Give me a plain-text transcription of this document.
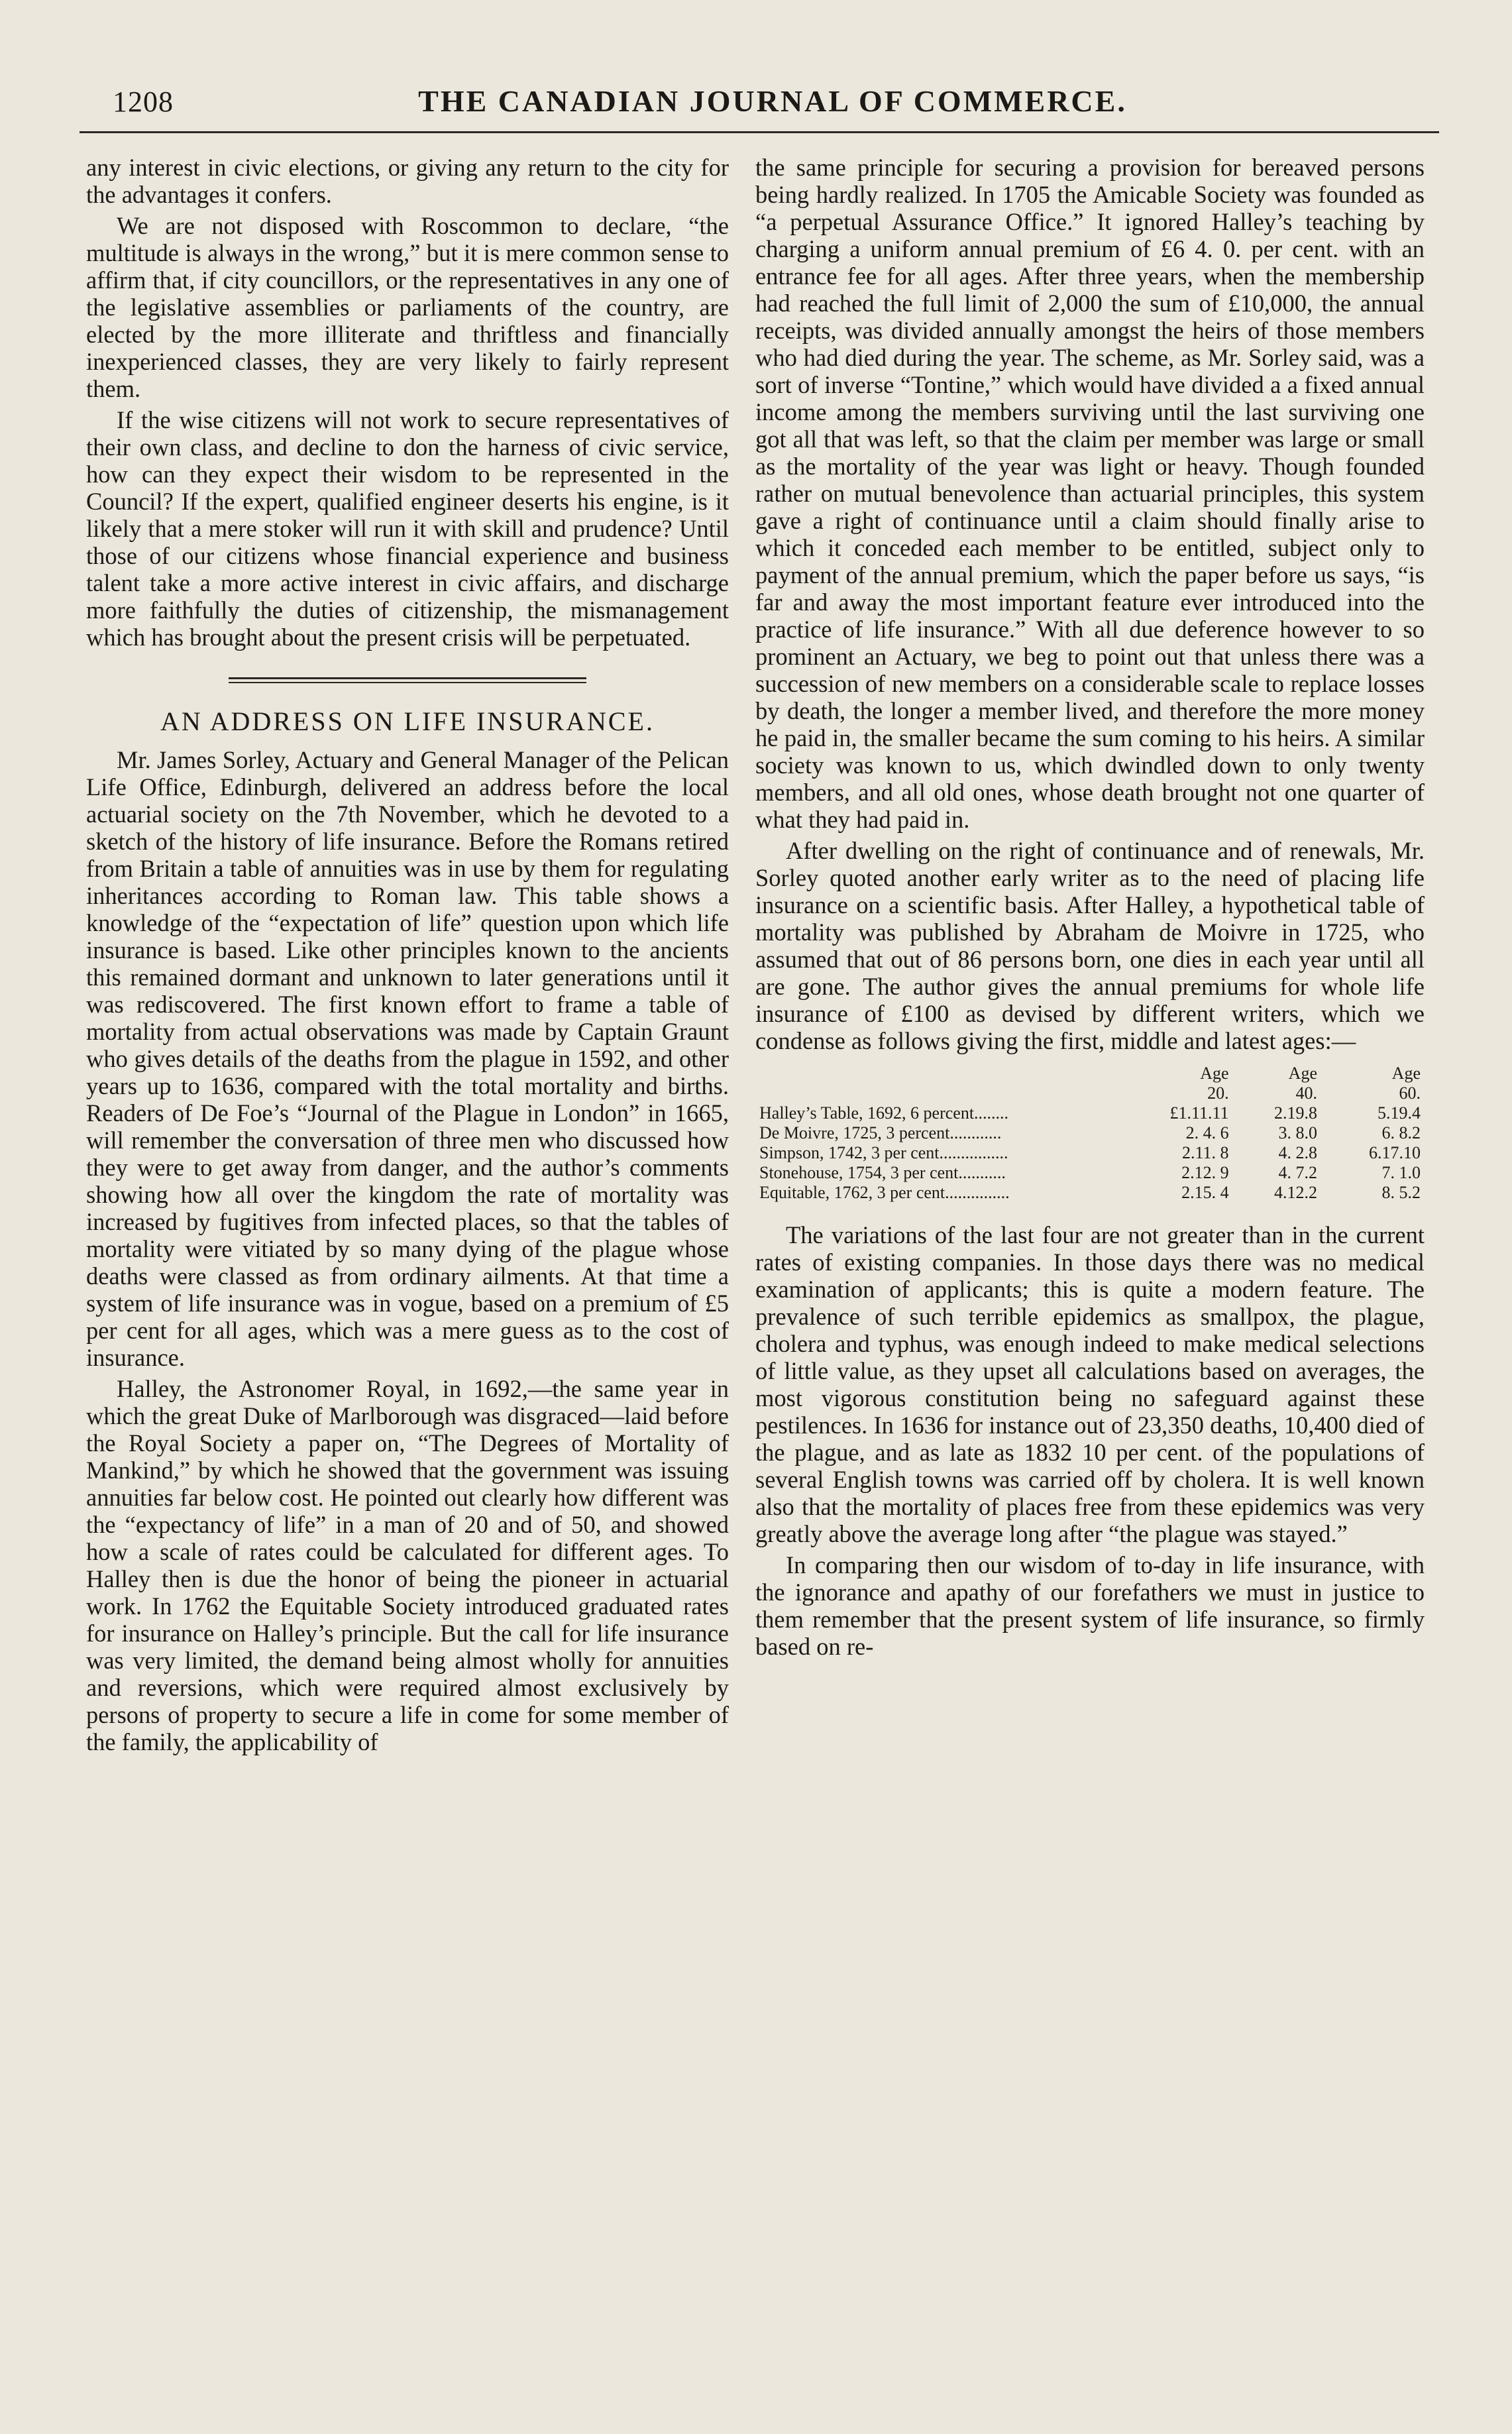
1208	THE CANADIAN JOURNAL OF COMMERCE.

any interest in civic elections, or giving any return to the city for the advantages it confers.

We are not disposed with Roscommon to declare, “the multitude is always in the wrong,” but it is mere common sense to affirm that, if city councillors, or the representatives in any one of the legislative assemblies or parliaments of the country, are elected by the more illiterate and thriftless and financially inexperienced classes, they are very likely to fairly represent them.

If the wise citizens will not work to secure representatives of their own class, and decline to don the harness of civic service, how can they expect their wisdom to be represented in the Council? If the expert, qualified engineer deserts his engine, is it likely that a mere stoker will run it with skill and prudence? Until those of our citizens whose financial experience and business talent take a more active interest in civic affairs, and discharge more faithfully the duties of citizenship, the mismanagement which has brought about the present crisis will be perpetuated.

AN ADDRESS ON LIFE INSURANCE.

Mr. James Sorley, Actuary and General Manager of the Pelican Life Office, Edinburgh, delivered an address before the local actuarial society on the 7th November, which he devoted to a sketch of the history of life insurance. Before the Romans retired from Britain a table of annuities was in use by them for regulating inheritances according to Roman law. This table shows a knowledge of the “expectation of life” question upon which life insurance is based. Like other principles known to the ancients this remained dormant and unknown to later generations until it was rediscovered. The first known effort to frame a table of mortality from actual observations was made by Captain Graunt who gives details of the deaths from the plague in 1592, and other years up to 1636, compared with the total mortality and births. Readers of De Foe’s “Journal of the Plague in London” in 1665, will remember the conversation of three men who discussed how they were to get away from danger, and the author’s comments showing how all over the kingdom the rate of mortality was increased by fugitives from infected places, so that the tables of mortality were vitiated by so many dying of the plague whose deaths were classed as from ordinary ailments. At that time a system of life insurance was in vogue, based on a premium of £5 per cent for all ages, which was a mere guess as to the cost of insurance.

Halley, the Astronomer Royal, in 1692,—the same year in which the great Duke of Marlborough was disgraced—laid before the Royal Society a paper on, “The Degrees of Mortality of Mankind,” by which he showed that the government was issuing annuities far below cost. He pointed out clearly how different was the “expectancy of life” in a man of 20 and of 50, and showed how a scale of rates could be calculated for different ages. To Halley then is due the honor of being the pioneer in actuarial work. In 1762 the Equitable Society introduced graduated rates for insurance on Halley’s principle. But the call for life insurance was very limited, the demand being almost wholly for annuities and reversions, which were required almost exclusively by persons of property to secure a life in come for some member of the family, the applicability of

the same principle for securing a provision for bereaved persons being hardly realized. In 1705 the Amicable Society was founded as “a perpetual Assurance Office.” It ignored Halley’s teaching by charging a uniform annual premium of £6 4. 0. per cent. with an entrance fee for all ages. After three years, when the membership had reached the full limit of 2,000 the sum of £10,000, the annual receipts, was divided annually amongst the heirs of those members who had died during the year. The scheme, as Mr. Sorley said, was a sort of inverse “Tontine,” which would have divided a a fixed annual income among the members surviving until the last surviving one got all that was left, so that the claim per member was large or small as the mortality of the year was light or heavy. Though founded rather on mutual benevolence than actuarial principles, this system gave a right of continuance until a claim should finally arise to which it conceded each member to be entitled, subject only to payment of the annual premium, which the paper before us says, “is far and away the most important feature ever introduced into the practice of life insurance.” With all due deference however to so prominent an Actuary, we beg to point out that unless there was a succession of new members on a considerable scale to replace losses by death, the longer a member lived, and therefore the more money he paid in, the smaller became the sum coming to his heirs. A similar society was known to us, which dwindled down to only twenty members, and all old ones, whose death brought not one quarter of what they had paid in.

After dwelling on the right of continuance and of renewals, Mr. Sorley quoted another early writer as to the need of placing life insurance on a scientific basis. After Halley, a hypothetical table of mortality was published by Abraham de Moivre in 1725, who assumed that out of 86 persons born, one dies in each year until all are gone. The author gives the annual premiums for whole life insurance of £100 as devised by different writers, which we condense as follows giving the first, middle and latest ages:—

	Age	Age	Age
	20.	40.	60.
Halley’s Table, 1692, 6 percent........	£1.11.11	2.19.8	5.19.4
De Moivre, 1725, 3 percent............	2. 4. 6	3. 8.0	6. 8.2
Simpson, 1742, 3 per cent................	2.11. 8	4. 2.8	6.17.10
Stonehouse, 1754, 3 per cent...........	2.12. 9	4. 7.2	7. 1.0
Equitable, 1762, 3 per cent...............	2.15. 4	4.12.2	8. 5.2

The variations of the last four are not greater than in the current rates of existing companies. In those days there was no medical examination of applicants; this is quite a modern feature. The prevalence of such terrible epidemics as smallpox, the plague, cholera and typhus, was enough indeed to make medical selections of little value, as they upset all calculations based on averages, the most vigorous constitution being no safeguard against these pestilences. In 1636 for instance out of 23,350 deaths, 10,400 died of the plague, and as late as 1832 10 per cent. of the populations of several English towns was carried off by cholera. It is well known also that the mortality of places free from these epidemics was very greatly above the average long after “the plague was stayed.”

In comparing then our wisdom of to-day in life insurance, with the ignorance and apathy of our forefathers we must in justice to them remember that the present system of life insurance, so firmly based on re-
